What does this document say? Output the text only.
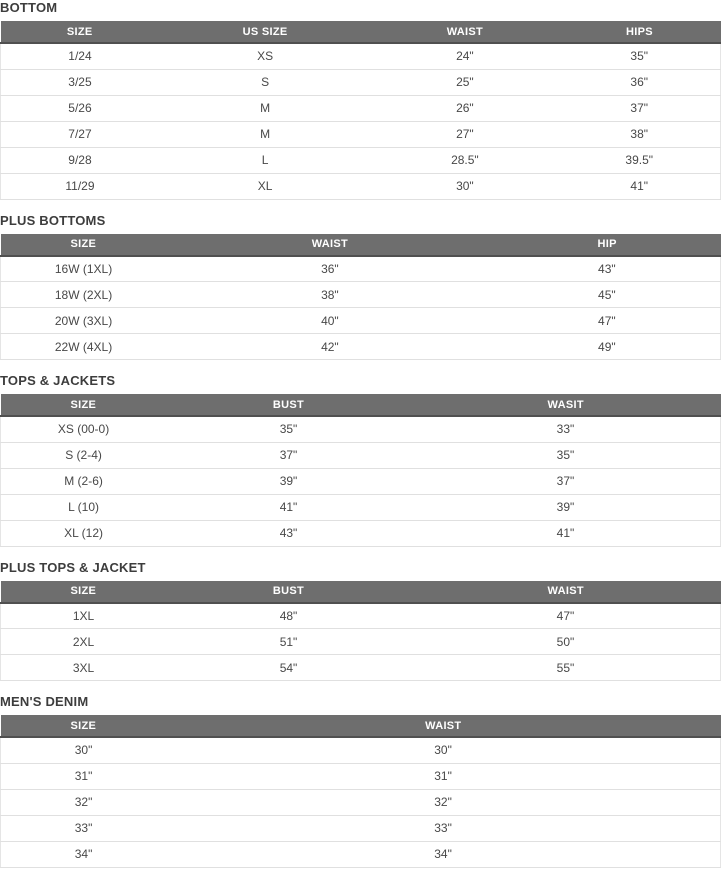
BOTTOM
SIZE	US SIZE	WAIST	HIPS
1/24	XS	24"	35"
3/25	S	25"	36"
5/26	M	26"	37"
7/27	M	27"	38"
9/28	L	28.5"	39.5"
11/29	XL	30"	41"
PLUS BOTTOMS
SIZE	WAIST	HIP
16W (1XL)	36"	43"
18W (2XL)	38"	45"
20W (3XL)	40"	47"
22W (4XL)	42"	49"
TOPS & JACKETS
SIZE	BUST	WASIT
XS (00-0)	35"	33"
S (2-4)	37"	35"
M (2-6)	39"	37"
L (10)	41"	39"
XL (12)	43"	41"
PLUS TOPS & JACKET
SIZE	BUST	WAIST
1XL	48"	47"
2XL	51"	50"
3XL	54"	55"
MEN'S DENIM
SIZE	WAIST
30"	30"
31"	31"
32"	32"
33"	33"
34"	34"
